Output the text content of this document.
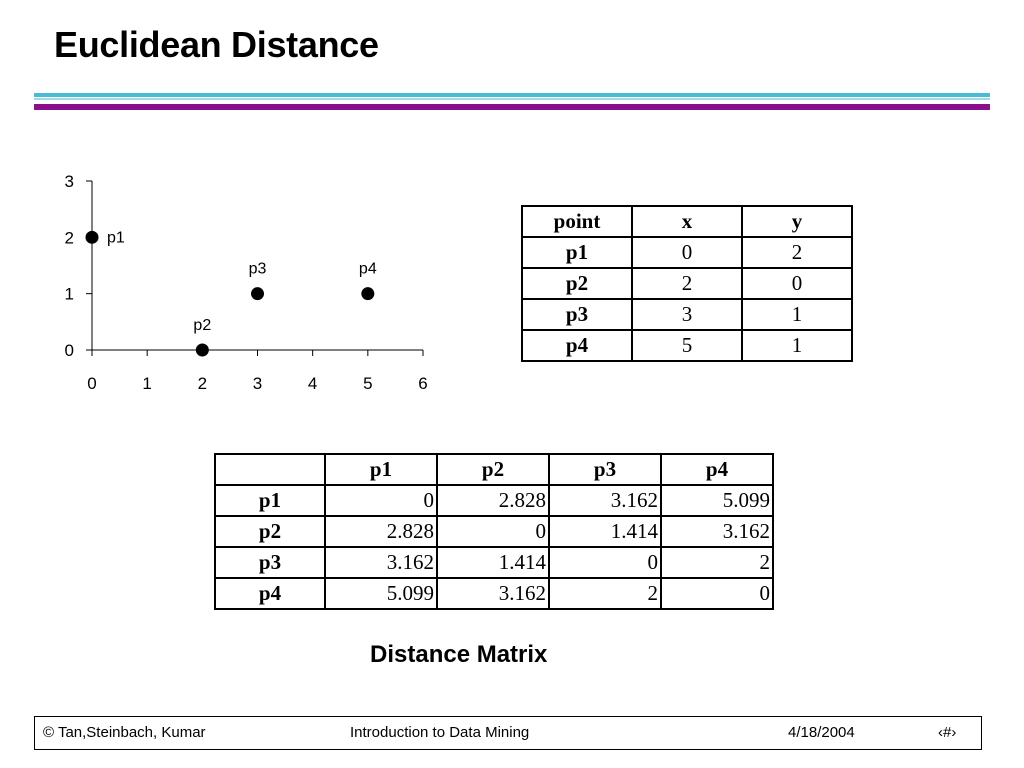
Euclidean Distance
0	1	2	3	4	5	6
0
1
2
3
p1
p2
p3	p4
point	x	y
p1	0	2
p2	2	0
p3	3	1
p4	5	1
	p1	p2	p3	p4
p1	0	2.828	3.162	5.099
p2	2.828	0	1.414	3.162
p3	3.162	1.414	0	2
p4	5.099	3.162	2	0
Distance Matrix
© Tan,Steinbach, Kumar	Introduction to Data Mining	4/18/2004	‹#›
